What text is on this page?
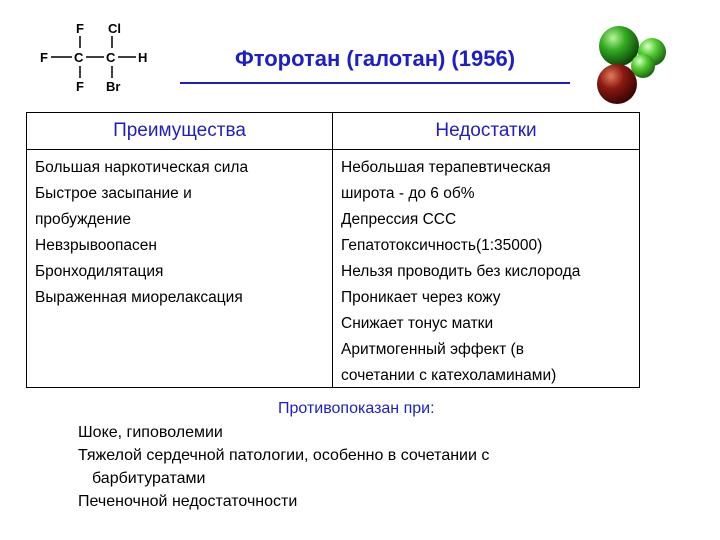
F Cl
F C C H
F Br
Фторотан (галотан) (1956)
Преимущества	Недостатки
Большая наркотическая сила
Быстрое засыпание и
пробуждение
Невзрывоопасен
Бронходилятация
Выраженная миорелаксация
Небольшая терапевтическая
широта - до 6 об%
Депрессия ССС
Гепатотоксичность(1:35000)
Нельзя проводить без кислорода
Проникает через кожу
Снижает тонус матки
Аритмогенный эффект (в
сочетании с катехоламинами)
Противопоказан при:
Шоке, гиповолемии
Тяжелой сердечной патологии, особенно в сочетании с
барбитуратами
Печеночной недостаточности
